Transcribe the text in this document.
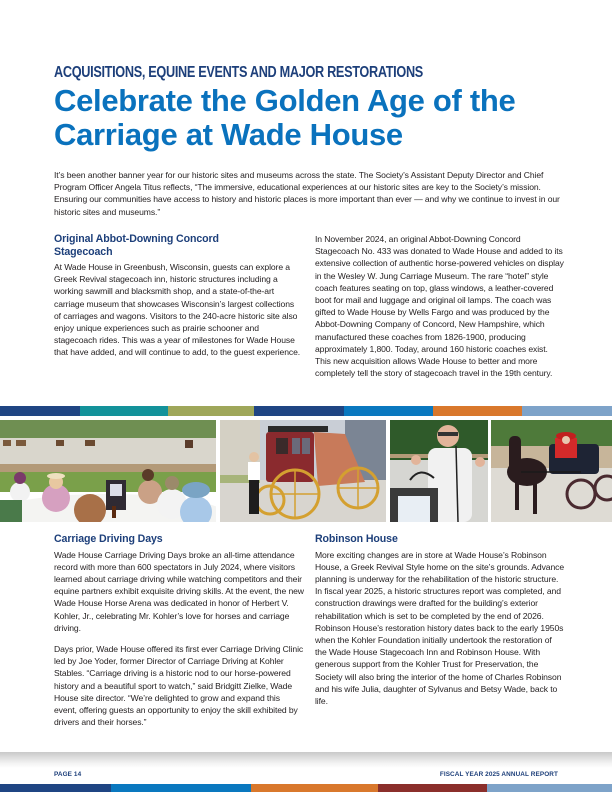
ACQUISITIONS, EQUINE EVENTS AND MAJOR RESTORATIONS
Celebrate the Golden Age of the Carriage at Wade House

It’s been another banner year for our historic sites and museums across the state. The Society’s Assistant Deputy Director and Chief Program Officer Angela Titus reflects, “The immersive, educational experiences at our historic sites are key to the Society’s mission. Ensuring our communities have access to history and historic places is more important than ever — and why we continue to invest in our historic sites and museums.”

Original Abbot-Downing Concord Stagecoach

At Wade House in Greenbush, Wisconsin, guests can explore a Greek Revival stagecoach inn, historic structures including a working sawmill and blacksmith shop, and a state-of-the-art carriage museum that showcases Wisconsin’s largest collections of carriages and wagons. Visitors to the 240-acre historic site also enjoy unique experiences such as prairie schooner and stagecoach rides. This was a year of milestones for Wade House that have added, and will continue to add, to the guest experience.

In November 2024, an original Abbot-Downing Concord Stagecoach No. 433 was donated to Wade House and added to its extensive collection of authentic horse-powered vehicles on display in the Wesley W. Jung Carriage Museum. The rare “hotel” style coach features seating on top, glass windows, a leather-covered boot for mail and luggage and original oil lamps. The coach was gifted to Wade House by Wells Fargo and was produced by the Abbot-Downing Company of Concord, New Hampshire, which manufactured these coaches from 1826-1900, producing approximately 1,800. Today, around 160 historic coaches exist. This new acquisition allows Wade House to better and more completely tell the story of stagecoach travel in the 19th century.

Carriage Driving Days

Wade House Carriage Driving Days broke an all-time attendance record with more than 600 spectators in July 2024, where visitors learned about carriage driving while watching competitors and their equine partners exhibit exquisite driving skills. At the event, the new Wade House Horse Arena was dedicated in honor of Herbert V. Kohler, Jr., celebrating Mr. Kohler’s love for horses and carriage driving.

Days prior, Wade House offered its first ever Carriage Driving Clinic led by Joe Yoder, former Director of Carriage Driving at Kohler Stables. “Carriage driving is a historic nod to our horse-powered history and a beautiful sport to watch,” said Bridgitt Zielke, Wade House site director. “We’re delighted to grow and expand this event, offering guests an opportunity to enjoy the skill exhibited by drivers and their horses.”

Robinson House

More exciting changes are in store at Wade House’s Robinson House, a Greek Revival Style home on the site’s grounds. Advance planning is underway for the rehabilitation of the historic structure. In fiscal year 2025, a historic structures report was completed, and construction drawings were drafted for the building’s exterior rehabilitation which is set to be completed by the end of 2026. Robinson House’s restoration history dates back to the early 1950s when the Kohler Foundation initially undertook the restoration of the Wade House Stagecoach Inn and Robinson House. With generous support from the Kohler Trust for Preservation, the Society will also bring the interior of the home of Charles Robinson and his wife Julia, daughter of Sylvanus and Betsy Wade, back to life.

PAGE 14	FISCAL YEAR 2025 ANNUAL REPORT
